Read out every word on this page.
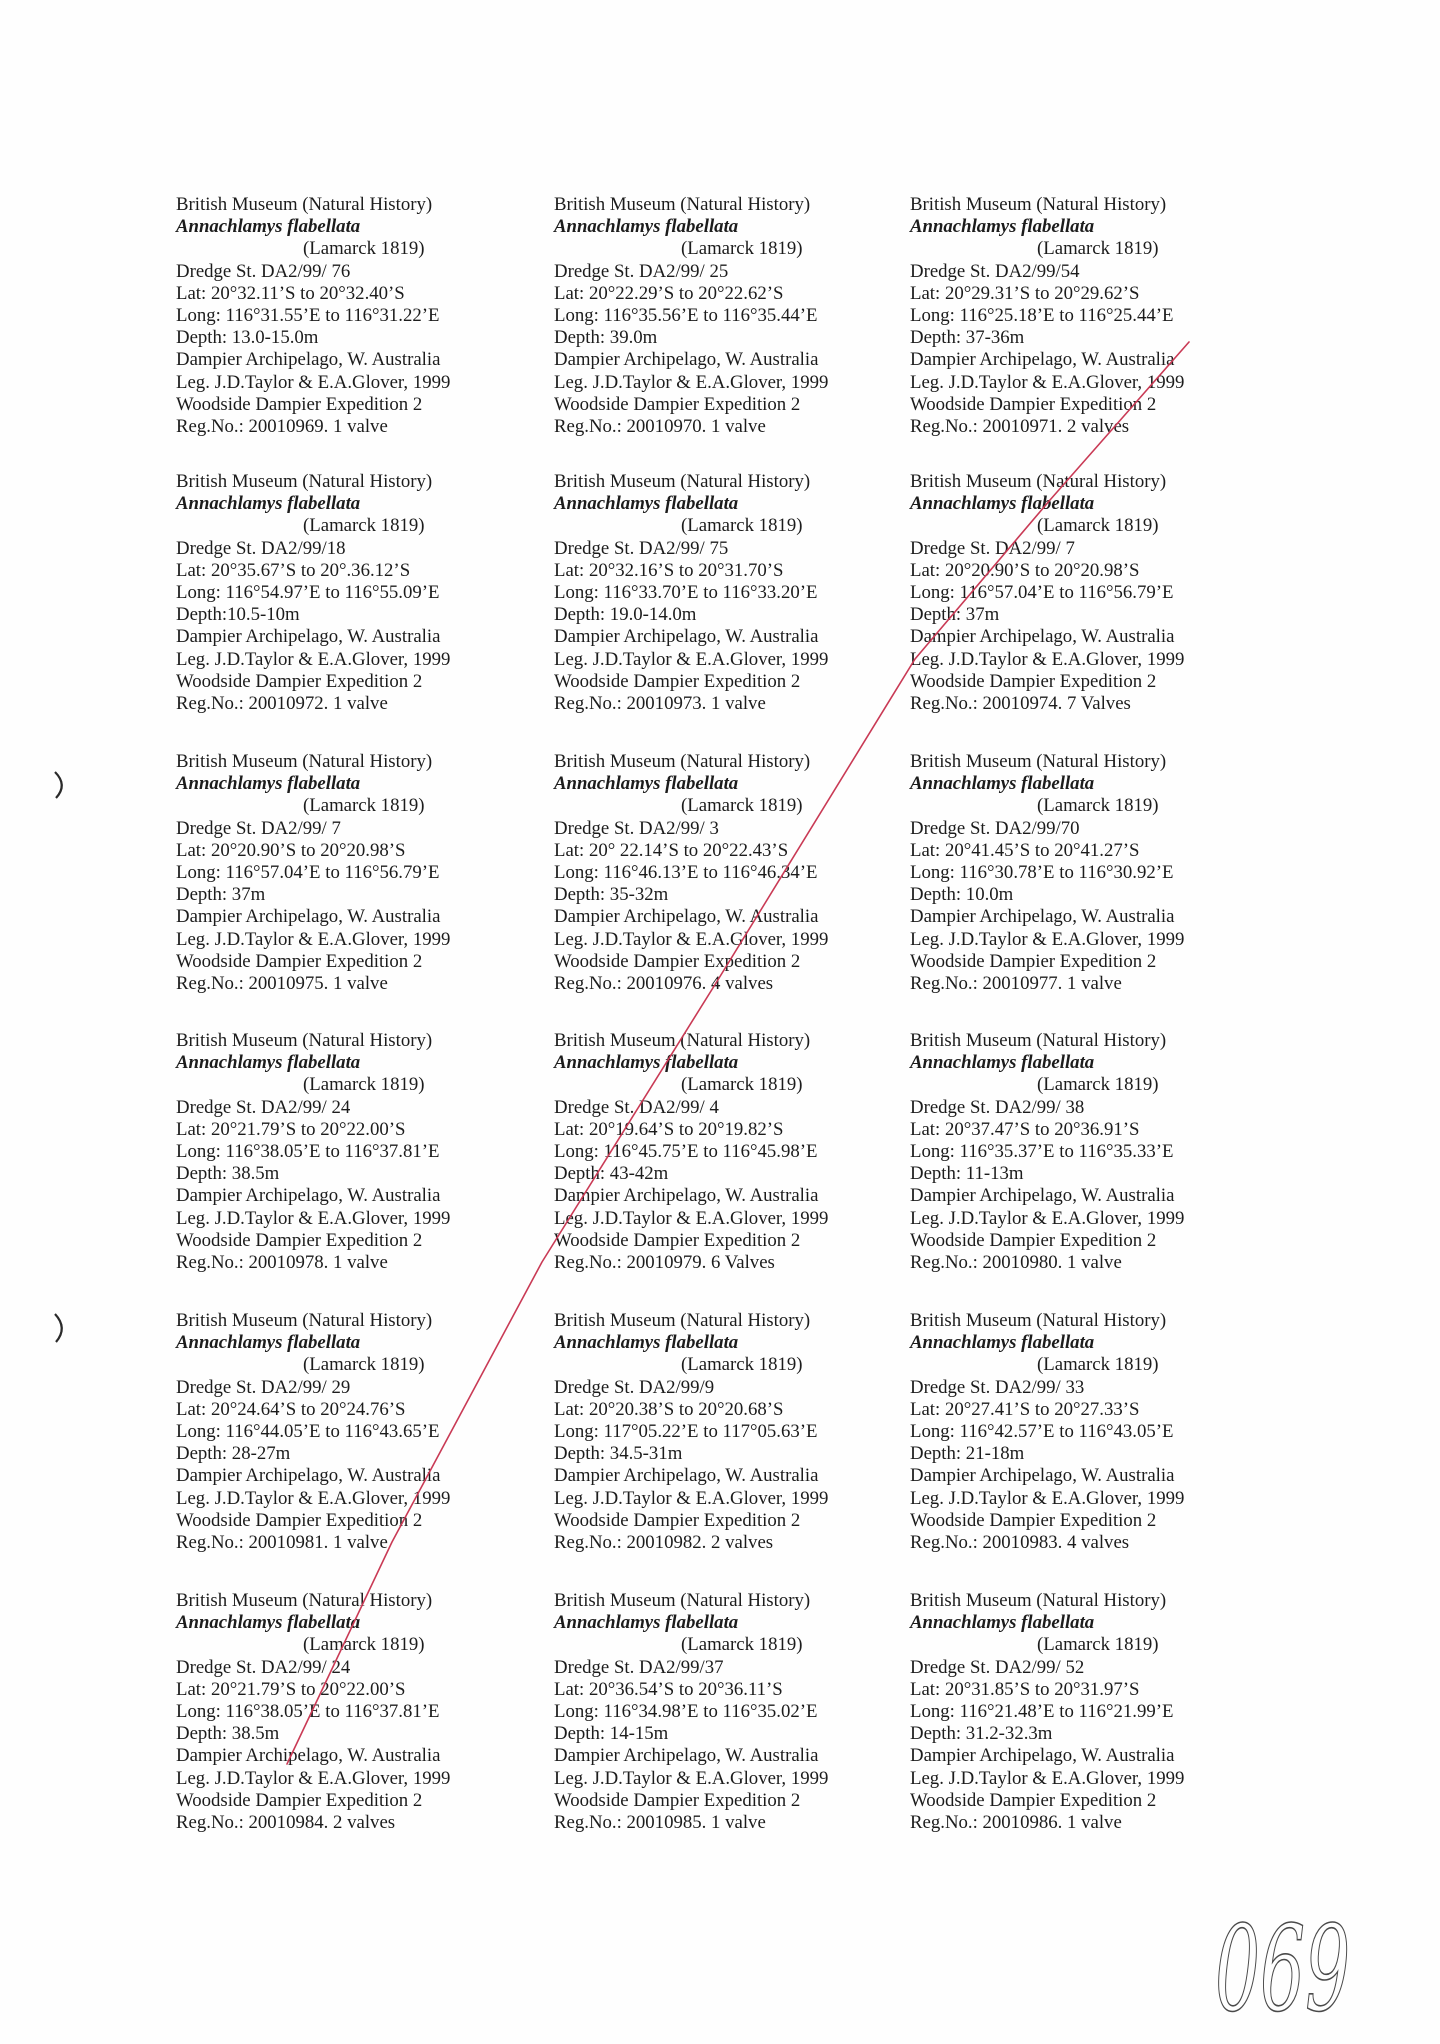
British Museum (Natural History)
Annachlamys flabellata
(Lamarck 1819)
Dredge St. DA2/99/ 76
Lat: 20°32.11’S to 20°32.40’S
Long: 116°31.55’E to 116°31.22’E
Depth: 13.0-15.0m
Dampier Archipelago, W. Australia
Leg. J.D.Taylor & E.A.Glover, 1999
Woodside Dampier Expedition 2
Reg.No.: 20010969. 1 valve
British Museum (Natural History)
Annachlamys flabellata
(Lamarck 1819)
Dredge St. DA2/99/ 25
Lat: 20°22.29’S to 20°22.62’S
Long: 116°35.56’E to 116°35.44’E
Depth: 39.0m
Dampier Archipelago, W. Australia
Leg. J.D.Taylor & E.A.Glover, 1999
Woodside Dampier Expedition 2
Reg.No.: 20010970. 1 valve
British Museum (Natural History)
Annachlamys flabellata
(Lamarck 1819)
Dredge St. DA2/99/54
Lat: 20°29.31’S to 20°29.62’S
Long: 116°25.18’E to 116°25.44’E
Depth: 37-36m
Dampier Archipelago, W. Australia
Leg. J.D.Taylor & E.A.Glover, 1999
Woodside Dampier Expedition 2
Reg.No.: 20010971. 2 valves
British Museum (Natural History)
Annachlamys flabellata
(Lamarck 1819)
Dredge St. DA2/99/18
Lat: 20°35.67’S to 20°.36.12’S
Long: 116°54.97’E to 116°55.09’E
Depth:10.5-10m
Dampier Archipelago, W. Australia
Leg. J.D.Taylor & E.A.Glover, 1999
Woodside Dampier Expedition 2
Reg.No.: 20010972. 1 valve
British Museum (Natural History)
Annachlamys flabellata
(Lamarck 1819)
Dredge St. DA2/99/ 75
Lat: 20°32.16’S to 20°31.70’S
Long: 116°33.70’E to 116°33.20’E
Depth: 19.0-14.0m
Dampier Archipelago, W. Australia
Leg. J.D.Taylor & E.A.Glover, 1999
Woodside Dampier Expedition 2
Reg.No.: 20010973. 1 valve
British Museum (Natural History)
Annachlamys flabellata
(Lamarck 1819)
Dredge St. DA2/99/ 7
Lat: 20°20.90’S to 20°20.98’S
Long: 116°57.04’E to 116°56.79’E
Depth: 37m
Dampier Archipelago, W. Australia
Leg. J.D.Taylor & E.A.Glover, 1999
Woodside Dampier Expedition 2
Reg.No.: 20010974. 7 Valves
British Museum (Natural History)
Annachlamys flabellata
(Lamarck 1819)
Dredge St. DA2/99/ 7
Lat: 20°20.90’S to 20°20.98’S
Long: 116°57.04’E to 116°56.79’E
Depth: 37m
Dampier Archipelago, W. Australia
Leg. J.D.Taylor & E.A.Glover, 1999
Woodside Dampier Expedition 2
Reg.No.: 20010975. 1 valve
British Museum (Natural History)
Annachlamys flabellata
(Lamarck 1819)
Dredge St. DA2/99/ 3
Lat: 20° 22.14’S to 20°22.43’S
Long: 116°46.13’E to 116°46.34’E
Depth: 35-32m
Dampier Archipelago, W. Australia
Leg. J.D.Taylor & E.A.Glover, 1999
Woodside Dampier Expedition 2
Reg.No.: 20010976. 4 valves
British Museum (Natural History)
Annachlamys flabellata
(Lamarck 1819)
Dredge St. DA2/99/70
Lat: 20°41.45’S to 20°41.27’S
Long: 116°30.78’E to 116°30.92’E
Depth: 10.0m
Dampier Archipelago, W. Australia
Leg. J.D.Taylor & E.A.Glover, 1999
Woodside Dampier Expedition 2
Reg.No.: 20010977. 1 valve
British Museum (Natural History)
Annachlamys flabellata
(Lamarck 1819)
Dredge St. DA2/99/ 24
Lat: 20°21.79’S to 20°22.00’S
Long: 116°38.05’E to 116°37.81’E
Depth: 38.5m
Dampier Archipelago, W. Australia
Leg. J.D.Taylor & E.A.Glover, 1999
Woodside Dampier Expedition 2
Reg.No.: 20010978. 1 valve
British Museum (Natural History)
Annachlamys flabellata
(Lamarck 1819)
Dredge St. DA2/99/ 4
Lat: 20°19.64’S to 20°19.82’S
Long: 116°45.75’E to 116°45.98’E
Depth: 43-42m
Dampier Archipelago, W. Australia
Leg. J.D.Taylor & E.A.Glover, 1999
Woodside Dampier Expedition 2
Reg.No.: 20010979. 6 Valves
British Museum (Natural History)
Annachlamys flabellata
(Lamarck 1819)
Dredge St. DA2/99/ 38
Lat: 20°37.47’S to 20°36.91’S
Long: 116°35.37’E to 116°35.33’E
Depth: 11-13m
Dampier Archipelago, W. Australia
Leg. J.D.Taylor & E.A.Glover, 1999
Woodside Dampier Expedition 2
Reg.No.: 20010980. 1 valve
British Museum (Natural History)
Annachlamys flabellata
(Lamarck 1819)
Dredge St. DA2/99/ 29
Lat: 20°24.64’S to 20°24.76’S
Long: 116°44.05’E to 116°43.65’E
Depth: 28-27m
Dampier Archipelago, W. Australia
Leg. J.D.Taylor & E.A.Glover, 1999
Woodside Dampier Expedition 2
Reg.No.: 20010981. 1 valve
British Museum (Natural History)
Annachlamys flabellata
(Lamarck 1819)
Dredge St. DA2/99/9
Lat: 20°20.38’S to 20°20.68’S
Long: 117°05.22’E to 117°05.63’E
Depth: 34.5-31m
Dampier Archipelago, W. Australia
Leg. J.D.Taylor & E.A.Glover, 1999
Woodside Dampier Expedition 2
Reg.No.: 20010982. 2 valves
British Museum (Natural History)
Annachlamys flabellata
(Lamarck 1819)
Dredge St. DA2/99/ 33
Lat: 20°27.41’S to 20°27.33’S
Long: 116°42.57’E to 116°43.05’E
Depth: 21-18m
Dampier Archipelago, W. Australia
Leg. J.D.Taylor & E.A.Glover, 1999
Woodside Dampier Expedition 2
Reg.No.: 20010983. 4 valves
British Museum (Natural History)
Annachlamys flabellata
(Lamarck 1819)
Dredge St. DA2/99/ 24
Lat: 20°21.79’S to 20°22.00’S
Long: 116°38.05’E to 116°37.81’E
Depth: 38.5m
Dampier Archipelago, W. Australia
Leg. J.D.Taylor & E.A.Glover, 1999
Woodside Dampier Expedition 2
Reg.No.: 20010984. 2 valves
British Museum (Natural History)
Annachlamys flabellata
(Lamarck 1819)
Dredge St. DA2/99/37
Lat: 20°36.54’S to 20°36.11’S
Long: 116°34.98’E to 116°35.02’E
Depth: 14-15m
Dampier Archipelago, W. Australia
Leg. J.D.Taylor & E.A.Glover, 1999
Woodside Dampier Expedition 2
Reg.No.: 20010985. 1 valve
British Museum (Natural History)
Annachlamys flabellata
(Lamarck 1819)
Dredge St. DA2/99/ 52
Lat: 20°31.85’S to 20°31.97’S
Long: 116°21.48’E to 116°21.99’E
Depth: 31.2-32.3m
Dampier Archipelago, W. Australia
Leg. J.D.Taylor & E.A.Glover, 1999
Woodside Dampier Expedition 2
Reg.No.: 20010986. 1 valve
069
